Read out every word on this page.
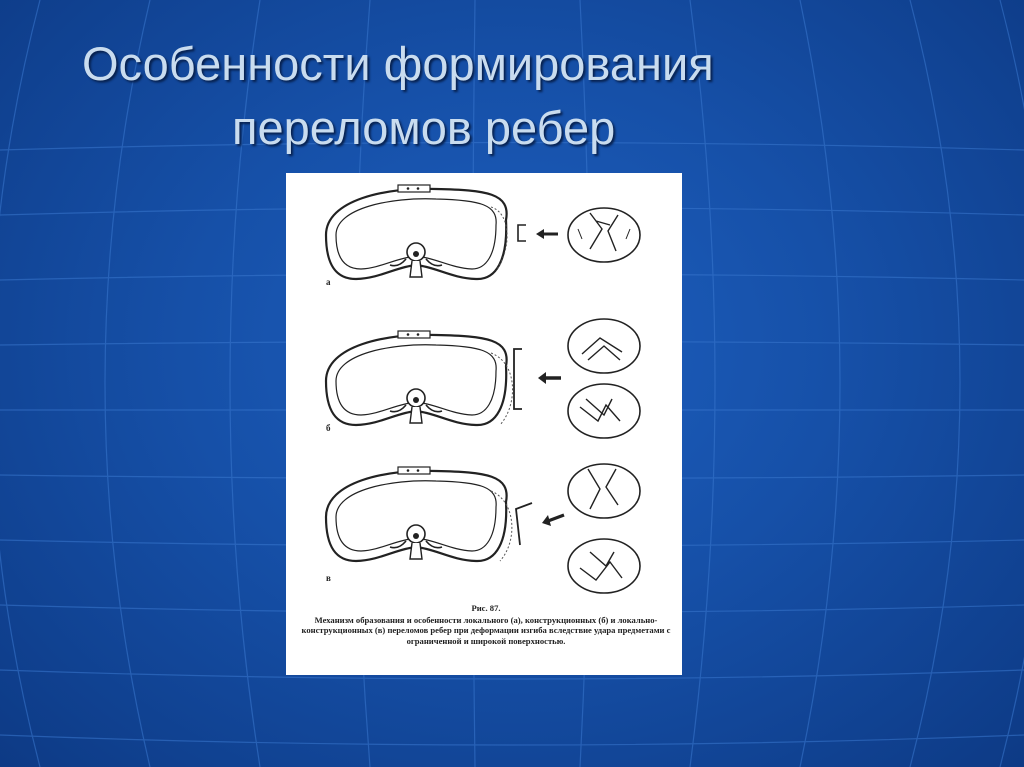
Особенности формирования
переломов ребер
а
б
в
Рис. 87.
Механизм образования и особенности локального (а), конструкционных (б) и локально-конструкционных (в) переломов ребер при деформации изгиба вследствие удара предметами с ограниченной и широкой поверхностью.
